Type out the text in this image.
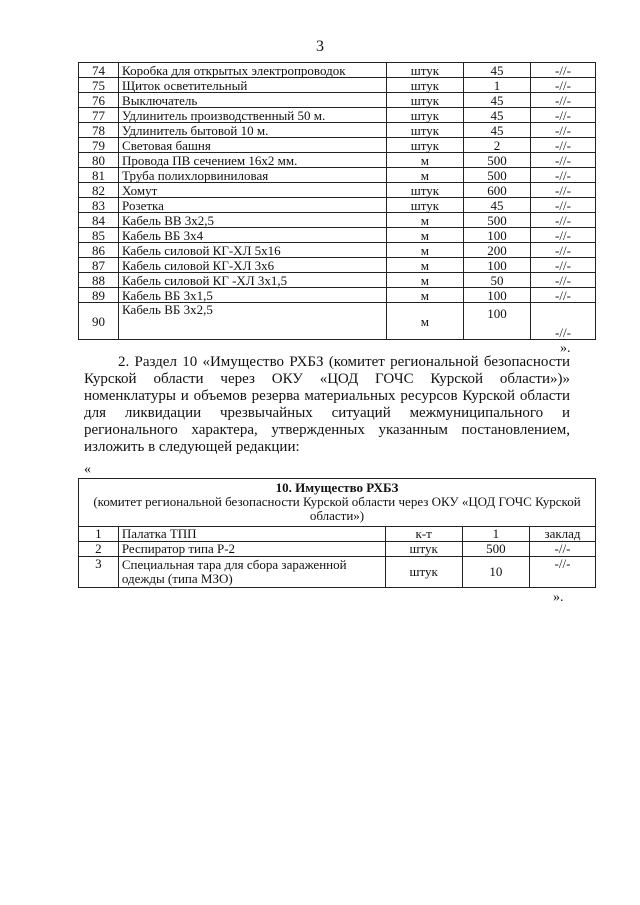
3
74	Коробка для открытых электропроводок	штук	45	-//-
75	Щиток осветительный	штук	1	-//-
76	Выключатель	штук	45	-//-
77	Удлинитель производственный 50 м.	штук	45	-//-
78	Удлинитель бытовой 10 м.	штук	45	-//-
79	Световая башня	штук	2	-//-
80	Провода ПВ сечением 16х2 мм.	м	500	-//-
81	Труба полихлорвиниловая	м	500	-//-
82	Хомут	штук	600	-//-
83	Розетка	штук	45	-//-
84	Кабель ВВ 3х2,5	м	500	-//-
85	Кабель ВБ 3х4	м	100	-//-
86	Кабель силовой КГ-ХЛ 5х16	м	200	-//-
87	Кабель силовой КГ-ХЛ 3х6	м	100	-//-
88	Кабель силовой КГ -ХЛ 3х1,5	м	50	-//-
89	Кабель ВБ 3х1,5	м	100	-//-
90	Кабель ВБ 3х2,5	м	100	-//-
».
2. Раздел 10 «Имущество РХБЗ (комитет региональной безопасности Курской области через ОКУ «ЦОД ГОЧС Курской области»)» номенклатуры и объемов резерва материальных ресурсов Курской области для ликвидации чрезвычайных ситуаций межмуниципального и регионального характера, утвержденных указанным постановлением, изложить в следующей редакции:
«
10. Имущество РХБЗ
(комитет региональной безопасности Курской области через ОКУ «ЦОД ГОЧС Курской области»)				

1	Палатка ТПП	к-т	1	заклад
2	Респиратор типа Р-2	штук	500	-//-
3	Специальная тара для сбора зараженной одежды (типа МЗО)	штук	10	-//-
».
